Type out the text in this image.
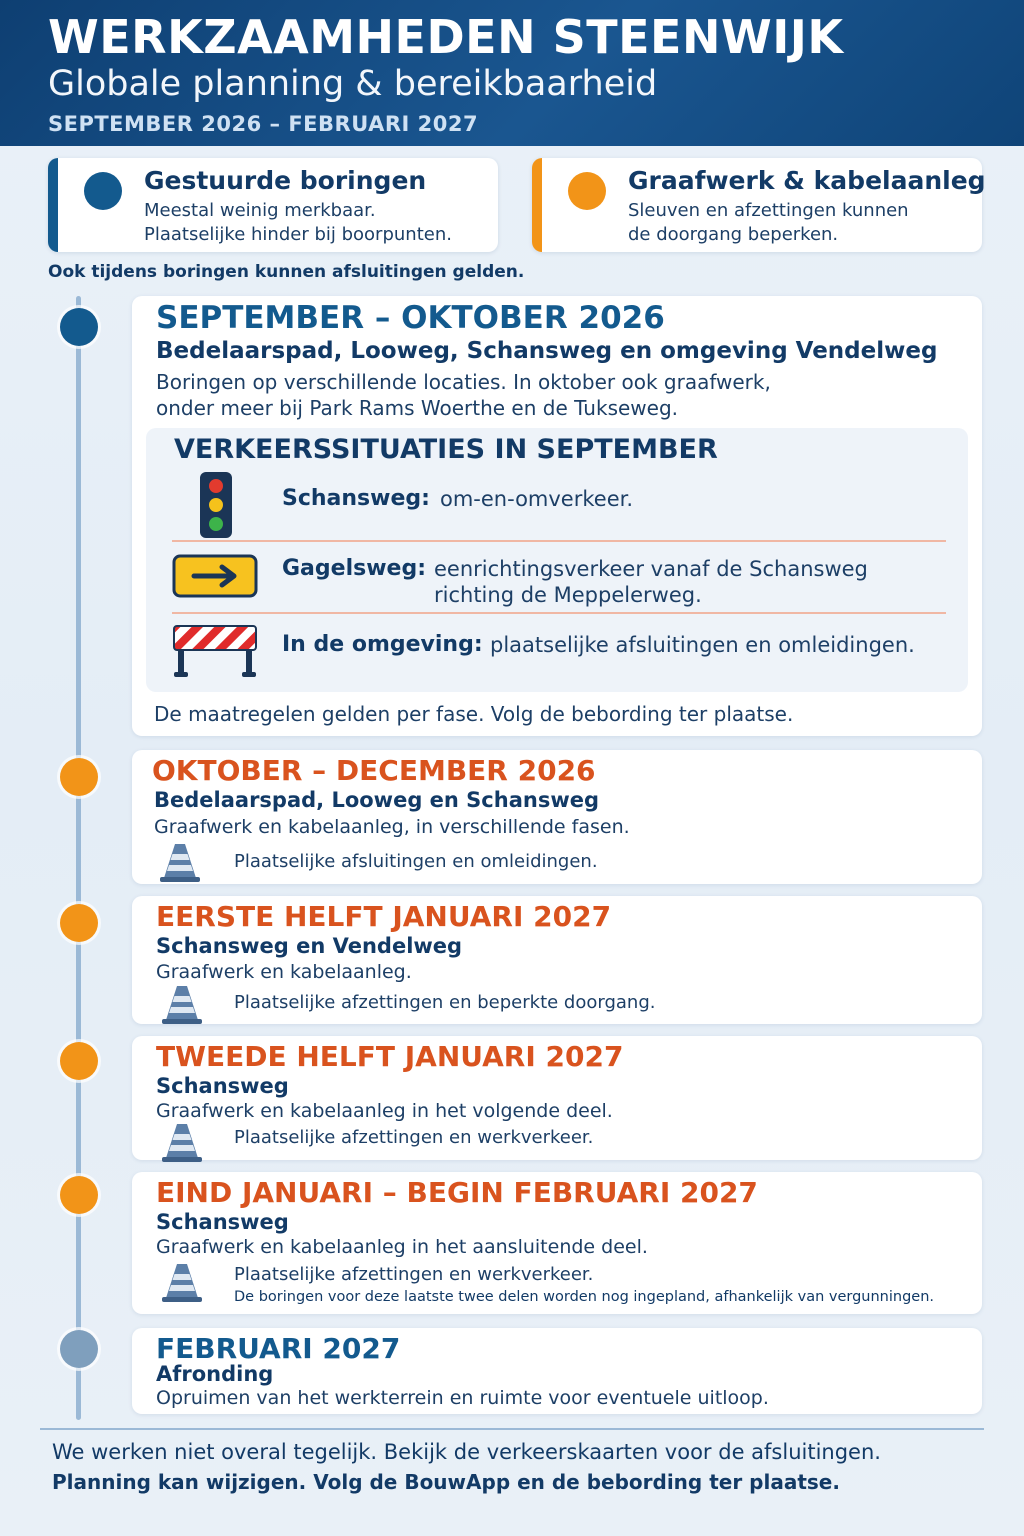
WERKZAAMHEDEN STEENWIJK
Globale planning & bereikbaarheid
SEPTEMBER 2026 – FEBRUARI 2027
Gestuurde boringen
Meestal weinig merkbaar.
Plaatselijke hinder bij boorpunten.
Graafwerk & kabelaanleg
Sleuven en afzettingen kunnen
de doorgang beperken.
Ook tijdens boringen kunnen afsluitingen gelden.
SEPTEMBER – OKTOBER 2026
Bedelaarspad, Looweg, Schansweg en omgeving Vendelweg
Boringen op verschillende locaties. In oktober ook graafwerk,
onder meer bij Park Rams Woerthe en de Tukseweg.
VERKEERSSITUATIES IN SEPTEMBER
Schansweg: om-en-omverkeer.
Gagelsweg: eenrichtingsverkeer vanaf de Schansweg
richting de Meppelerweg.
In de omgeving: plaatselijke afsluitingen en omleidingen.
De maatregelen gelden per fase. Volg de bebording ter plaatse.
OKTOBER – DECEMBER 2026
Bedelaarspad, Looweg en Schansweg
Graafwerk en kabelaanleg, in verschillende fasen.
Plaatselijke afsluitingen en omleidingen.
EERSTE HELFT JANUARI 2027
Schansweg en Vendelweg
Graafwerk en kabelaanleg.
Plaatselijke afzettingen en beperkte doorgang.
TWEEDE HELFT JANUARI 2027
Schansweg
Graafwerk en kabelaanleg in het volgende deel.
Plaatselijke afzettingen en werkverkeer.
EIND JANUARI – BEGIN FEBRUARI 2027
Schansweg
Graafwerk en kabelaanleg in het aansluitende deel.
Plaatselijke afzettingen en werkverkeer.
De boringen voor deze laatste twee delen worden nog ingepland, afhankelijk van vergunningen.
FEBRUARI 2027
Afronding
Opruimen van het werkterrein en ruimte voor eventuele uitloop.
We werken niet overal tegelijk. Bekijk de verkeerskaarten voor de afsluitingen.
Planning kan wijzigen. Volg de BouwApp en de bebording ter plaatse.
